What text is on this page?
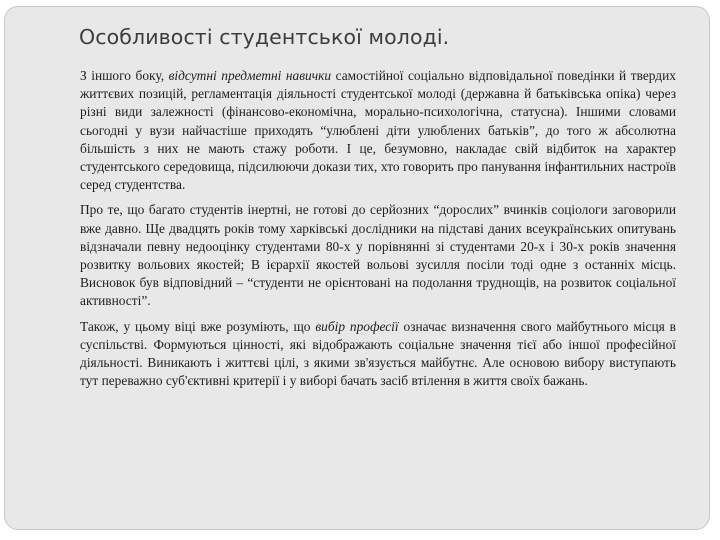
Особливості студентської молоді.

З іншого боку, відсутні предметні навички самостійної соціально відповідальної поведінки й твердих життєвих позицій, регламентація діяльності студентської молоді (державна й батьківська опіка) через різні види залежності (фінансово-економічна, морально-психологічна, статусна). Іншими словами сьогодні у вузи найчастіше приходять “улюблені діти улюблених батьків”, до того ж абсолютна більшість з них не мають стажу роботи. І це, безумовно, накладає свій відбиток на характер студентського середовища, підсилюючи докази тих, хто говорить про панування інфантильних настроїв серед студентства.

Про те, що багато студентів інертні, не готові до серйозних “дорослих” вчинків соціологи заговорили вже давно. Ще двадцять років тому харківські дослідники на підставі даних всеукраїнських опитувань відзначали певну недооцінку студентами 80-х у порівнянні зі студентами 20-х і 30-х років значення розвитку вольових якостей; В ієрархії якостей вольові зусилля посіли тоді одне з останніх місць. Висновок був відповідний – “студенти не орієнтовані на подолання труднощів, на розвиток соціальної активності”.

Також, у цьому віці вже розуміють, що вибір професії означає визначення свого майбутнього місця в суспільстві. Формуються цінності, які відображають соціальне значення тієї або іншої професійної діяльності. Виникають і життєві цілі, з якими зв'язується майбутнє. Але основою вибору виступають тут переважно суб'єктивні критерії і у виборі бачать засіб втілення в життя своїх бажань.
